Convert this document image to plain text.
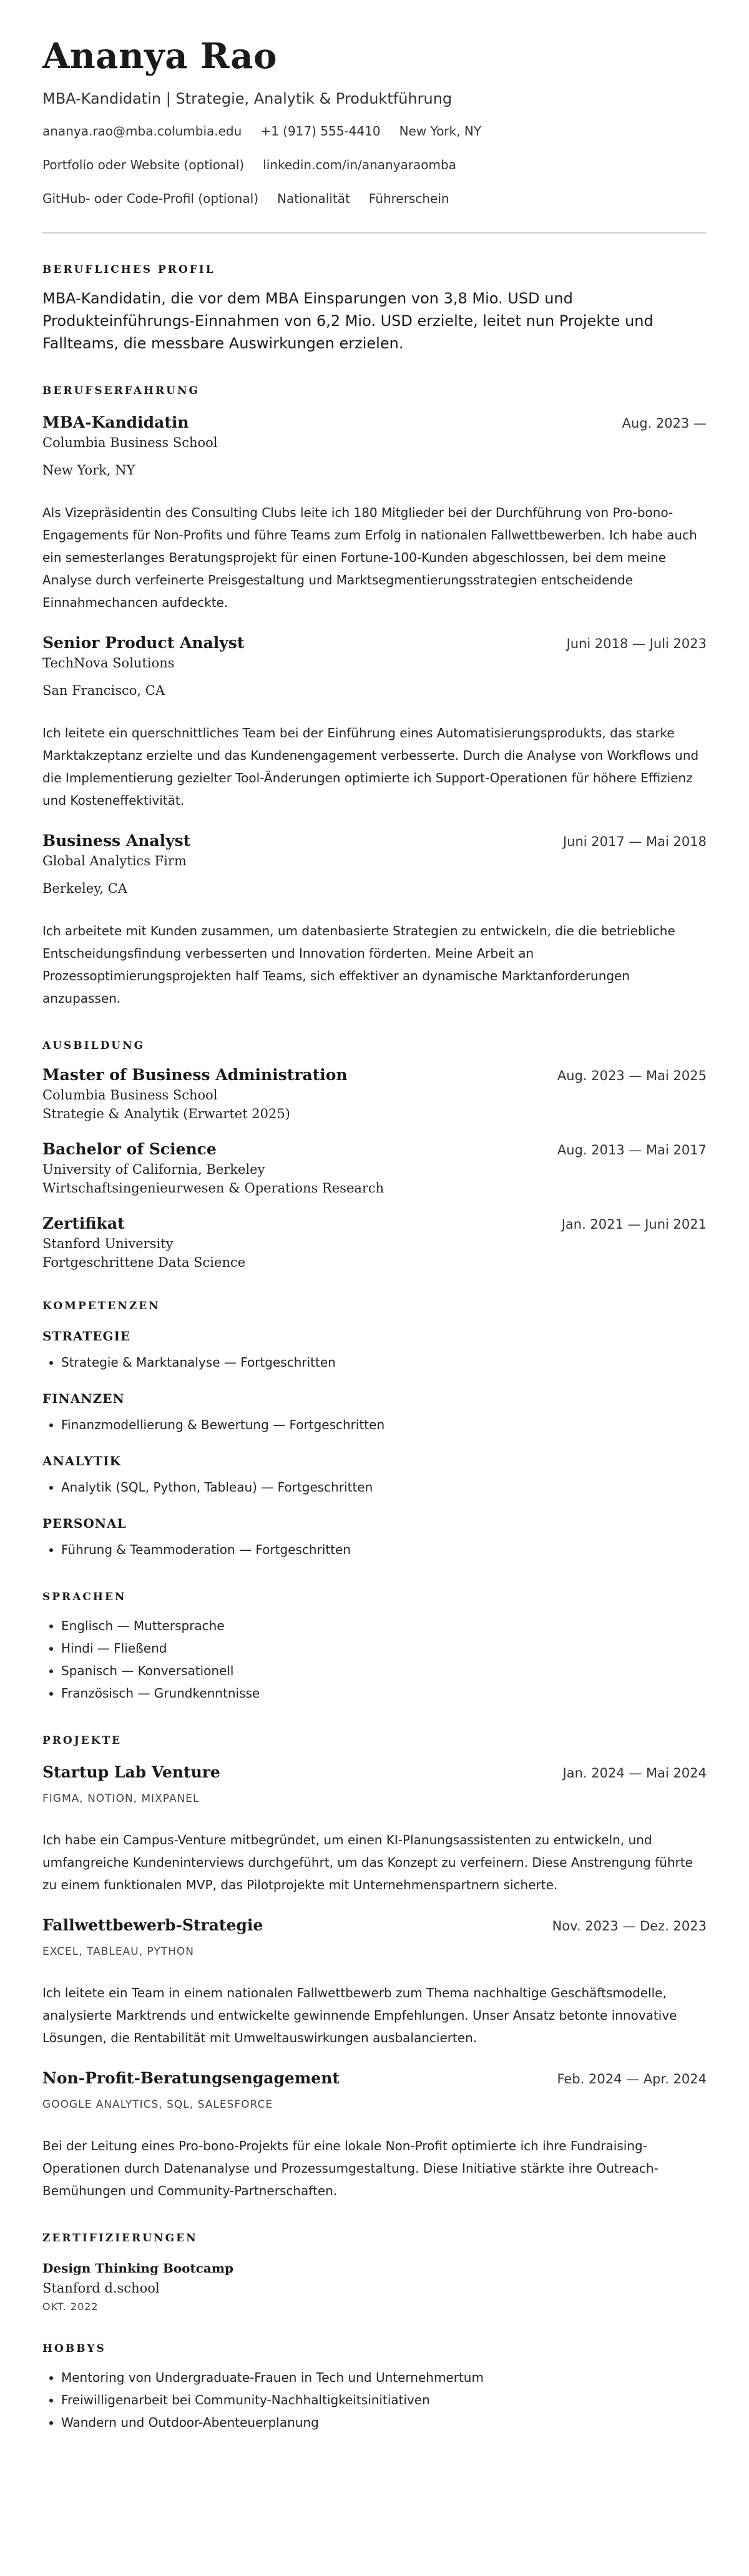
Ananya Rao
MBA-Kandidatin | Strategie, Analytik & Produktführung
ananya.rao@mba.columbia.edu +1 (917) 555-4410 New York, NY
Portfolio oder Website (optional) linkedin.com/in/ananyaraomba
GitHub- oder Code-Profil (optional) Nationalität Führerschein
BERUFLICHES PROFIL
MBA-Kandidatin, die vor dem MBA Einsparungen von 3,8 Mio. USD und Produkteinführungs-Einnahmen von 6,2 Mio. USD erzielte, leitet nun Projekte und Fallteams, die messbare Auswirkungen erzielen.
BERUFSERFAHRUNG
MBA-Kandidatin	Aug. 2023 —
Columbia Business School
New York, NY
Als Vizepräsidentin des Consulting Clubs leite ich 180 Mitglieder bei der Durchführung von Pro-bono-Engagements für Non-Profits und führe Teams zum Erfolg in nationalen Fallwettbewerben. Ich habe auch ein semesterlanges Beratungsprojekt für einen Fortune-100-Kunden abgeschlossen, bei dem meine Analyse durch verfeinerte Preisgestaltung und Marktsegmentierungsstrategien entscheidende Einnahmechancen aufdeckte.
Senior Product Analyst	Juni 2018 — Juli 2023
TechNova Solutions
San Francisco, CA
Ich leitete ein querschnittliches Team bei der Einführung eines Automatisierungsprodukts, das starke Marktakzeptanz erzielte und das Kundenengagement verbesserte. Durch die Analyse von Workflows und die Implementierung gezielter Tool-Änderungen optimierte ich Support-Operationen für höhere Effizienz und Kosteneffektivität.
Business Analyst	Juni 2017 — Mai 2018
Global Analytics Firm
Berkeley, CA
Ich arbeitete mit Kunden zusammen, um datenbasierte Strategien zu entwickeln, die die betriebliche Entscheidungsfindung verbesserten und Innovation förderten. Meine Arbeit an Prozessoptimierungsprojekten half Teams, sich effektiver an dynamische Marktanforderungen anzupassen.
AUSBILDUNG
Master of Business Administration	Aug. 2023 — Mai 2025
Columbia Business School
Strategie & Analytik (Erwartet 2025)
Bachelor of Science	Aug. 2013 — Mai 2017
University of California, Berkeley
Wirtschaftsingenieurwesen & Operations Research
Zertifikat	Jan. 2021 — Juni 2021
Stanford University
Fortgeschrittene Data Science
KOMPETENZEN
STRATEGIE
• Strategie & Marktanalyse — Fortgeschritten
FINANZEN
• Finanzmodellierung & Bewertung — Fortgeschritten
ANALYTIK
• Analytik (SQL, Python, Tableau) — Fortgeschritten
PERSONAL
• Führung & Teammoderation — Fortgeschritten
SPRACHEN
• Englisch — Muttersprache
• Hindi — Fließend
• Spanisch — Konversationell
• Französisch — Grundkenntnisse
PROJEKTE
Startup Lab Venture	Jan. 2024 — Mai 2024
FIGMA, NOTION, MIXPANEL
Ich habe ein Campus-Venture mitbegründet, um einen KI-Planungsassistenten zu entwickeln, und umfangreiche Kundeninterviews durchgeführt, um das Konzept zu verfeinern. Diese Anstrengung führte zu einem funktionalen MVP, das Pilotprojekte mit Unternehmenspartnern sicherte.
Fallwettbewerb-Strategie	Nov. 2023 — Dez. 2023
EXCEL, TABLEAU, PYTHON
Ich leitete ein Team in einem nationalen Fallwettbewerb zum Thema nachhaltige Geschäftsmodelle, analysierte Marktrends und entwickelte gewinnende Empfehlungen. Unser Ansatz betonte innovative Lösungen, die Rentabilität mit Umweltauswirkungen ausbalancierten.
Non-Profit-Beratungsengagement	Feb. 2024 — Apr. 2024
GOOGLE ANALYTICS, SQL, SALESFORCE
Bei der Leitung eines Pro-bono-Projekts für eine lokale Non-Profit optimierte ich ihre Fundraising-Operationen durch Datenanalyse und Prozessumgestaltung. Diese Initiative stärkte ihre Outreach-Bemühungen und Community-Partnerschaften.
ZERTIFIZIERUNGEN
Design Thinking Bootcamp
Stanford d.school
OKT. 2022
HOBBYS
• Mentoring von Undergraduate-Frauen in Tech und Unternehmertum
• Freiwilligenarbeit bei Community-Nachhaltigkeitsinitiativen
• Wandern und Outdoor-Abenteuerplanung
